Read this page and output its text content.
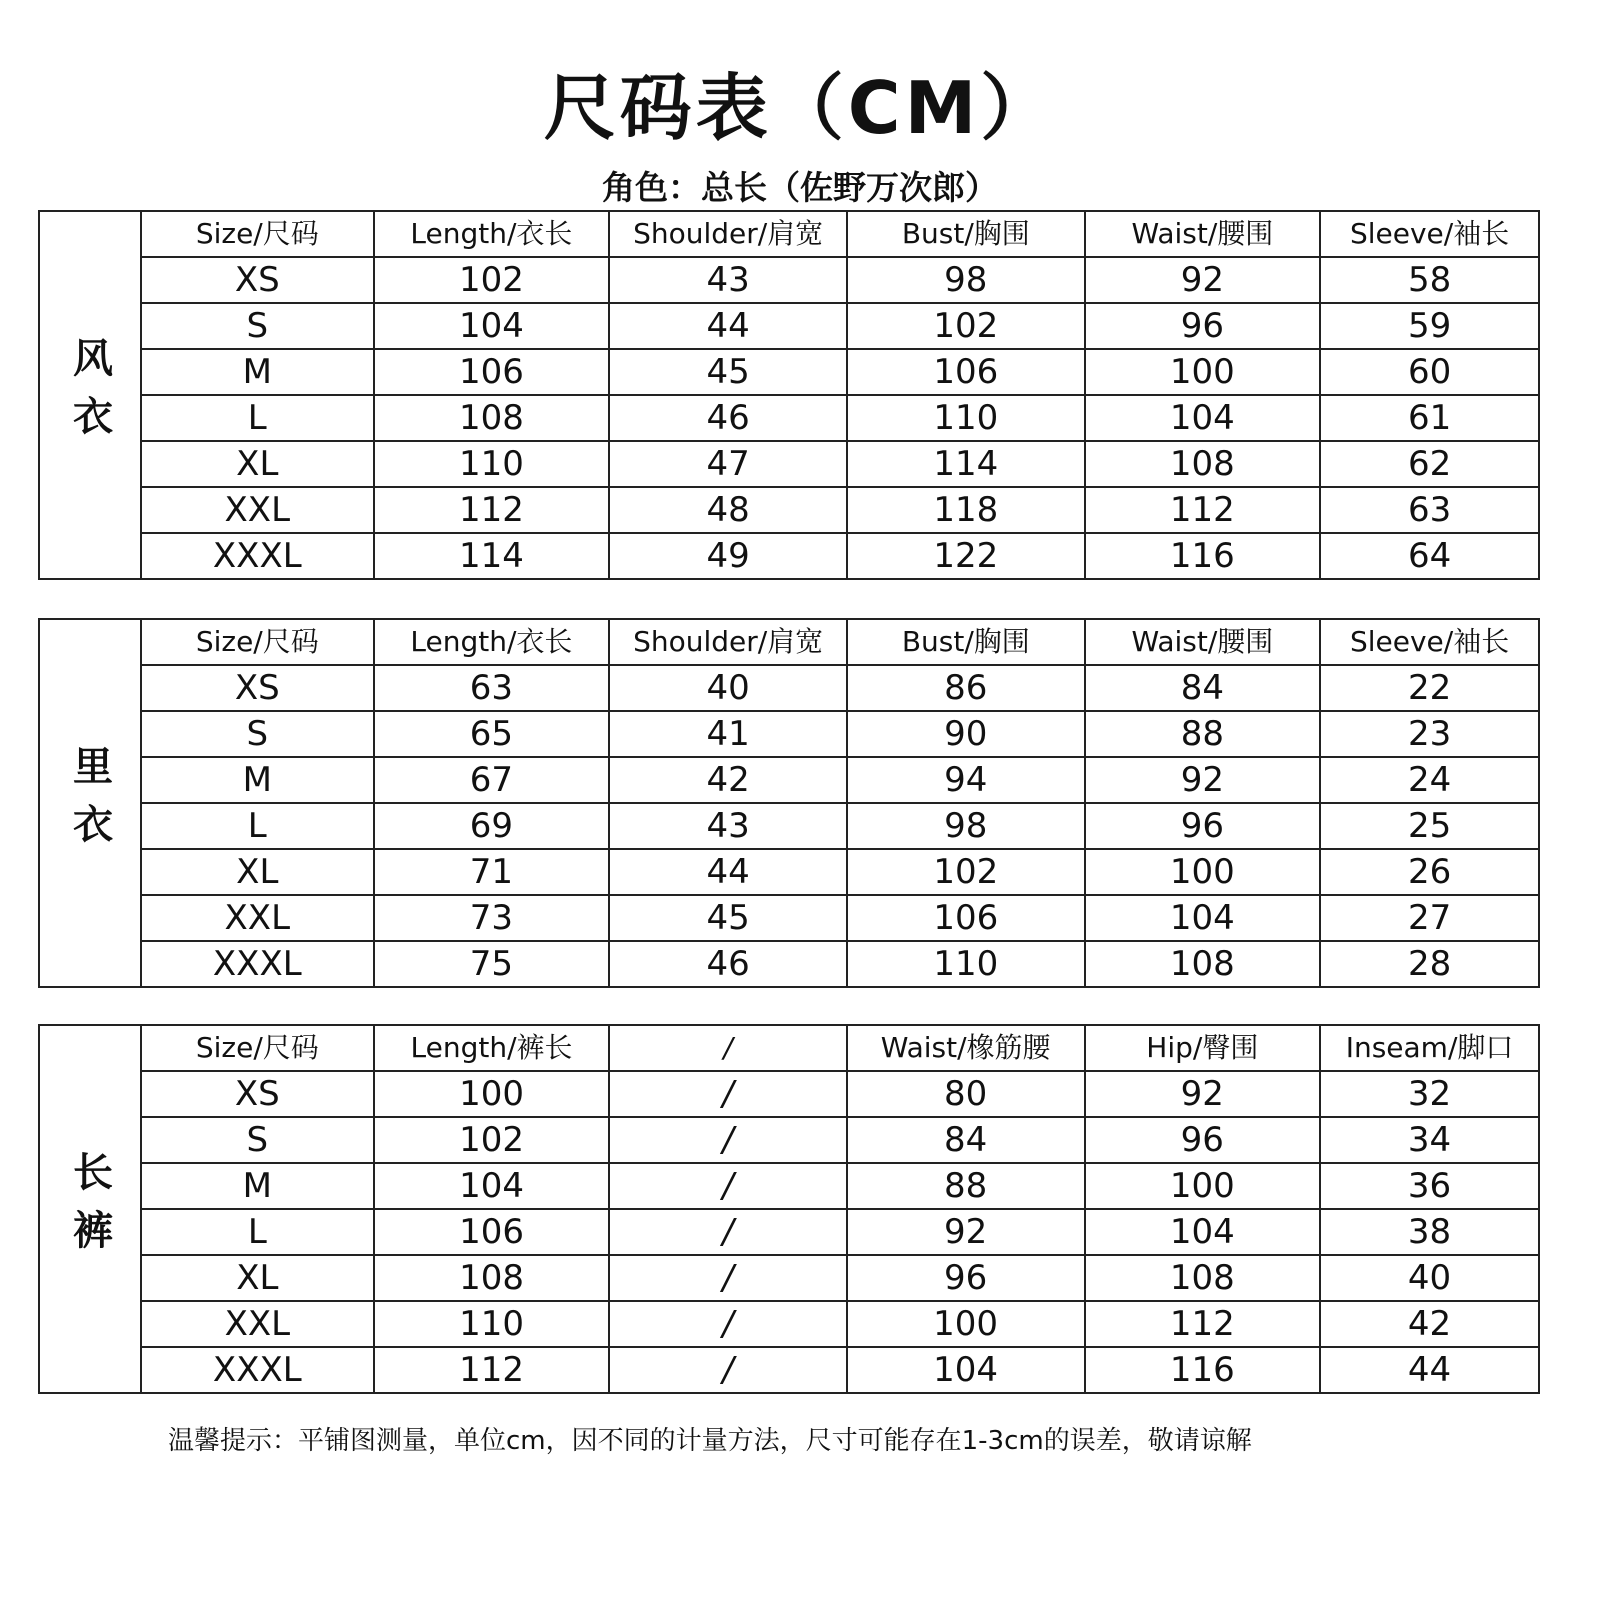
尺码表（CM）
角色：总长（佐野万次郎）
风衣
Size/尺码	Length/衣长	Shoulder/肩宽	Bust/胸围	Waist/腰围	Sleeve/袖长
XS	102	43	98	92	58
S	104	44	102	96	59
M	106	45	106	100	60
L	108	46	110	104	61
XL	110	47	114	108	62
XXL	112	48	118	112	63
XXXL	114	49	122	116	64
里衣
Size/尺码	Length/衣长	Shoulder/肩宽	Bust/胸围	Waist/腰围	Sleeve/袖长
XS	63	40	86	84	22
S	65	41	90	88	23
M	67	42	94	92	24
L	69	43	98	96	25
XL	71	44	102	100	26
XXL	73	45	106	104	27
XXXL	75	46	110	108	28
长裤
Size/尺码	Length/裤长	/	Waist/橡筋腰	Hip/臀围	Inseam/脚口
XS	100	/	80	92	32
S	102	/	84	96	34
M	104	/	88	100	36
L	106	/	92	104	38
XL	108	/	96	108	40
XXL	110	/	100	112	42
XXXL	112	/	104	116	44
温馨提示：平铺图测量，单位cm，因不同的计量方法，尺寸可能存在1-3cm的误差，敬请谅解
